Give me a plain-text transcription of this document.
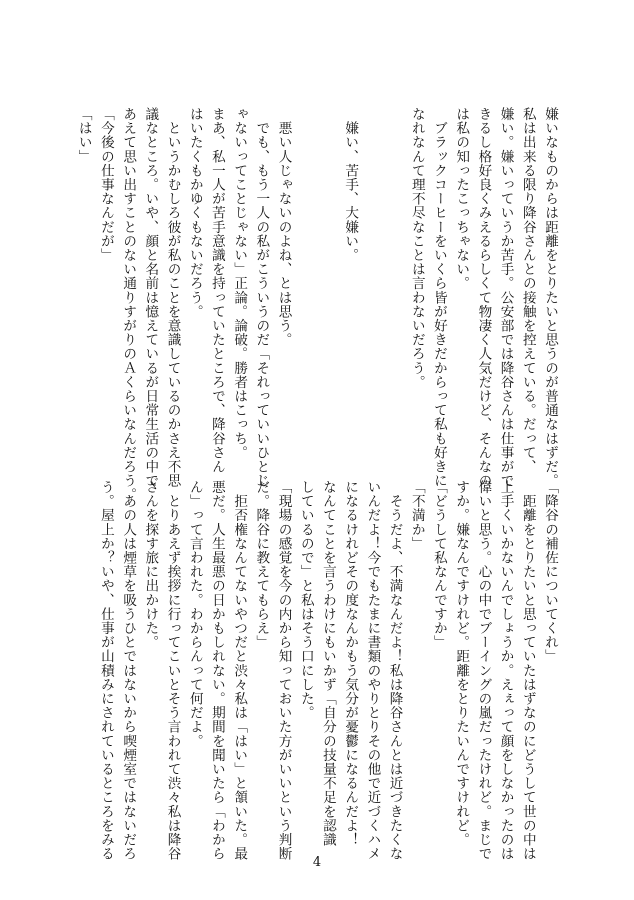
嫌いなものからは距離をとりたいと思うのが普通なはずだ。
私は出来る限り降谷さんとの接触を控えている。だって、
嫌い。嫌いっていうか苦手。公安部では降谷さんは仕事がで
きるし格好良くみえるらしくて物凄く人気だけど、そんなの
は私の知ったこっちゃない。
　ブラックコーヒーをいくら皆が好きだからって私も好きに
なれなんて理不尽なことは言わないだろう。

　嫌い、苦手、大嫌い。

　悪い人じゃないのよね、とは思う。
　でも、もう一人の私がこういうのだ「それっていいひとじ
ゃないってことじゃない」正論。論破。勝者はこっち。
まあ、私一人が苦手意識を持っていたところで、降谷さん
はいたくもかゆくもないだろう。
　というかむしろ彼が私のことを意識しているのかさえ不思
議なところ。いや、顔と名前は憶えているが日常生活の中で
あえて思い出すことのない通りすがりのＡくらいなんだろう。
「今後の仕事なんだが」
「はい」
「降谷の補佐についてくれ」
　距離をとりたいと思っていたはずなのにどうして世の中は
上手くいかないんでしょうか。えぇって顔をしなかったのは
偉いと思う。心の中でブーイングの嵐だったけれど。まじで
すか。嫌なんですけれど。距離をとりたいんですけれど。
「どうして私なんですか」
「不満か」
　そうだよ、不満なんだよ！私は降谷さんとは近づきたくな
いんだよ！今でもたまに書類のやりとりその他で近づくハメ
になるけれどその度なんかもう気分が憂鬱になるんだよ！
なんてことを言うわけにもいかず「自分の技量不足を認識
しているので」と私はそう口にした。
「現場の感覚を今の内から知っておいた方がいいという判断
だ。降谷に教えてもらえ」
　拒否権なんてないやつだと渋々私は「はい」と頷いた。最
悪だ。人生最悪の日かもしれない。期間を聞いたら「わから
ん」って言われた。わからんって何だよ。
　とりあえず挨拶に行ってこいとそう言われて渋々私は降谷
さんを探す旅に出かけた。
　あの人は煙草を吸うひとではないから喫煙室ではないだろ
う。屋上か？いや、仕事が山積みにされているところをみる
4
